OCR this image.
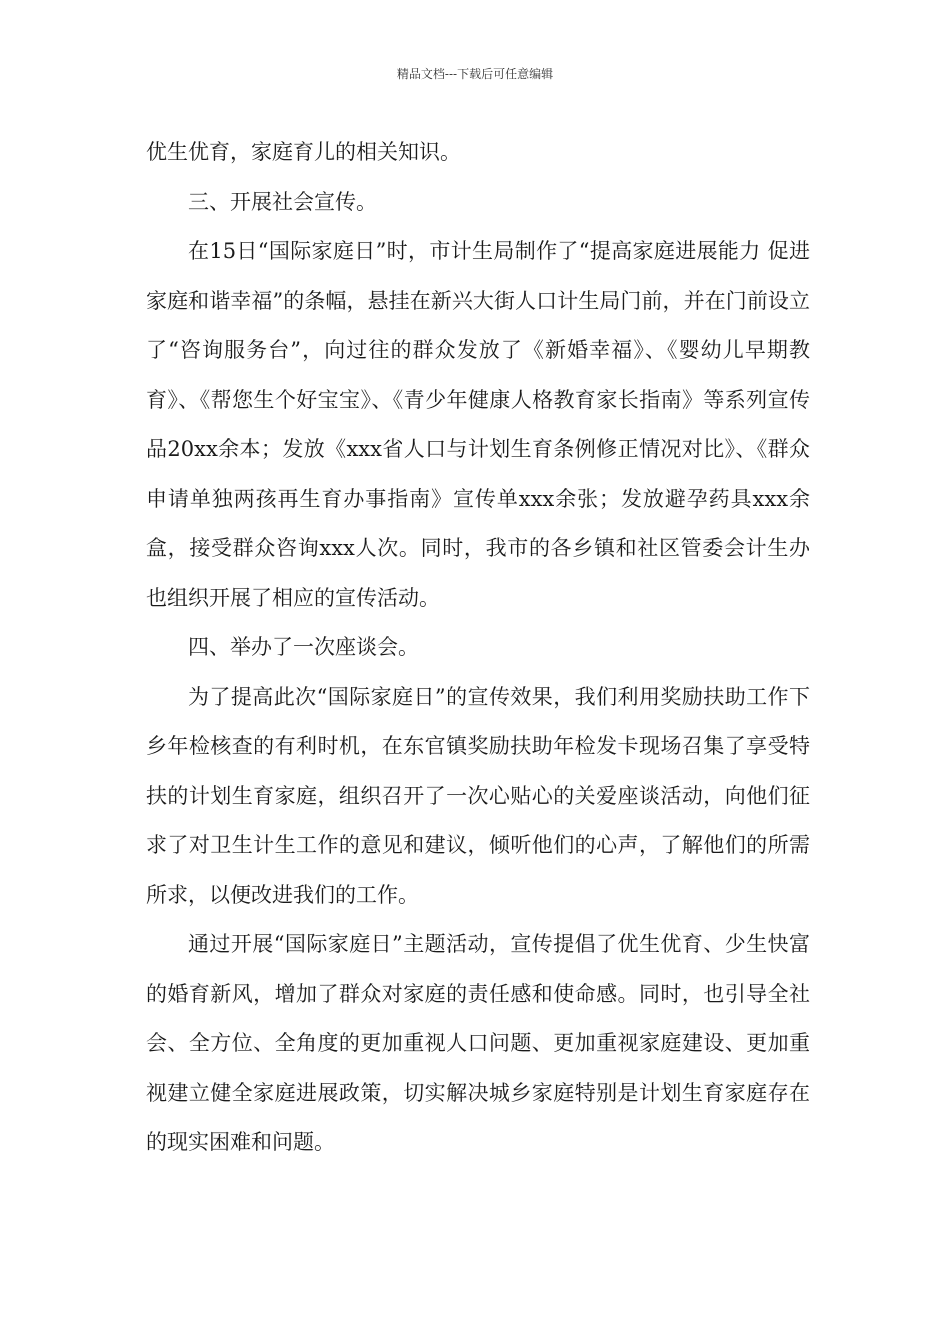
精品文档---下载后可任意编辑

优生优育，家庭育儿的相关知识。

三、开展社会宣传。

在15日“国际家庭日”时，市计生局制作了“提高家庭进展能力 促进家庭和谐幸福”的条幅，悬挂在新兴大街人口计生局门前，并在门前设立了“咨询服务台”，向过往的群众发放了《新婚幸福》、《婴幼儿早期教育》、《帮您生个好宝宝》、《青少年健康人格教育家长指南》等系列宣传品20xx余本；发放《xxx省人口与计划生育条例修正情况对比》、《群众申请单独两孩再生育办事指南》宣传单xxx余张；发放避孕药具xxx余盒，接受群众咨询xxx人次。同时，我市的各乡镇和社区管委会计生办也组织开展了相应的宣传活动。

四、举办了一次座谈会。

为了提高此次“国际家庭日”的宣传效果，我们利用奖励扶助工作下乡年检核查的有利时机，在东官镇奖励扶助年检发卡现场召集了享受特扶的计划生育家庭，组织召开了一次心贴心的关爱座谈活动，向他们征求了对卫生计生工作的意见和建议，倾听他们的心声，了解他们的所需所求，以便改进我们的工作。

通过开展“国际家庭日”主题活动，宣传提倡了优生优育、少生快富的婚育新风，增加了群众对家庭的责任感和使命感。同时，也引导全社会、全方位、全角度的更加重视人口问题、更加重视家庭建设、更加重视建立健全家庭进展政策，切实解决城乡家庭特别是计划生育家庭存在的现实困难和问题。
